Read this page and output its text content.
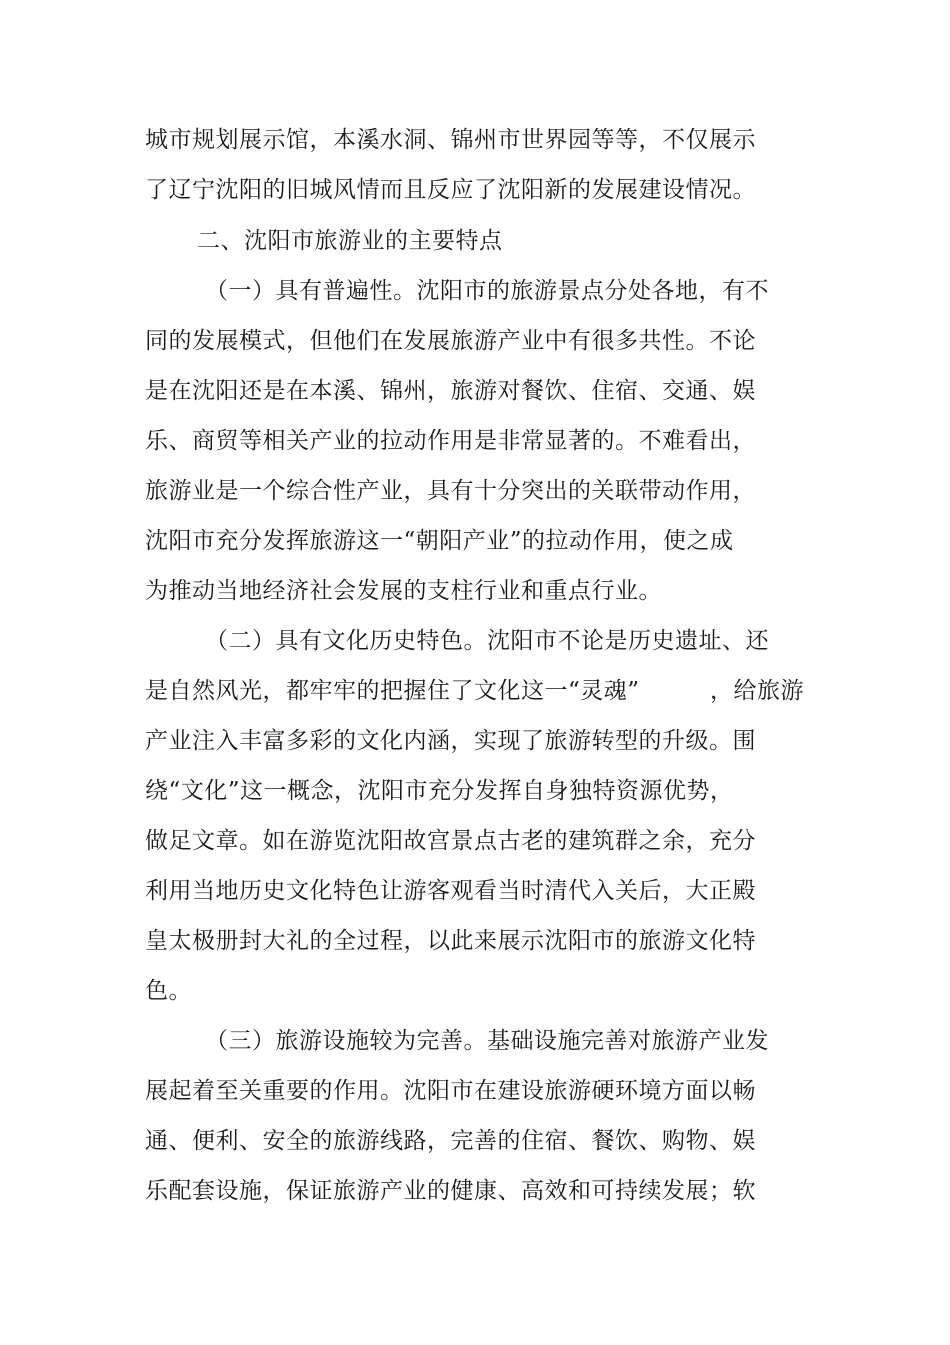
城市规划展示馆，本溪水洞、锦州市世界园等等，不仅展示
了辽宁沈阳的旧城风情而且反应了沈阳新的发展建设情况。
二、沈阳市旅游业的主要特点
（一）具有普遍性。沈阳市的旅游景点分处各地，有不
同的发展模式，但他们在发展旅游产业中有很多共性。不论
是在沈阳还是在本溪、锦州，旅游对餐饮、住宿、交通、娱
乐、商贸等相关产业的拉动作用是非常显著的。不难看出，
旅游业是一个综合性产业，具有十分突出的关联带动作用，
沈阳市充分发挥旅游这一“朝阳产业”的拉动作用，使之成
为推动当地经济社会发展的支柱行业和重点行业。
（二）具有文化历史特色。沈阳市不论是历史遗址、还
是自然风光，都牢牢的把握住了文化这一“灵魂”　　　，给旅游
产业注入丰富多彩的文化内涵，实现了旅游转型的升级。围
绕“文化”这一概念，沈阳市充分发挥自身独特资源优势，
做足文章。如在游览沈阳故宫景点古老的建筑群之余，充分
利用当地历史文化特色让游客观看当时清代入关后，大正殿
皇太极册封大礼的全过程，以此来展示沈阳市的旅游文化特
色。
（三）旅游设施较为完善。基础设施完善对旅游产业发
展起着至关重要的作用。沈阳市在建设旅游硬环境方面以畅
通、便利、安全的旅游线路，完善的住宿、餐饮、购物、娱
乐配套设施，保证旅游产业的健康、高效和可持续发展；软
